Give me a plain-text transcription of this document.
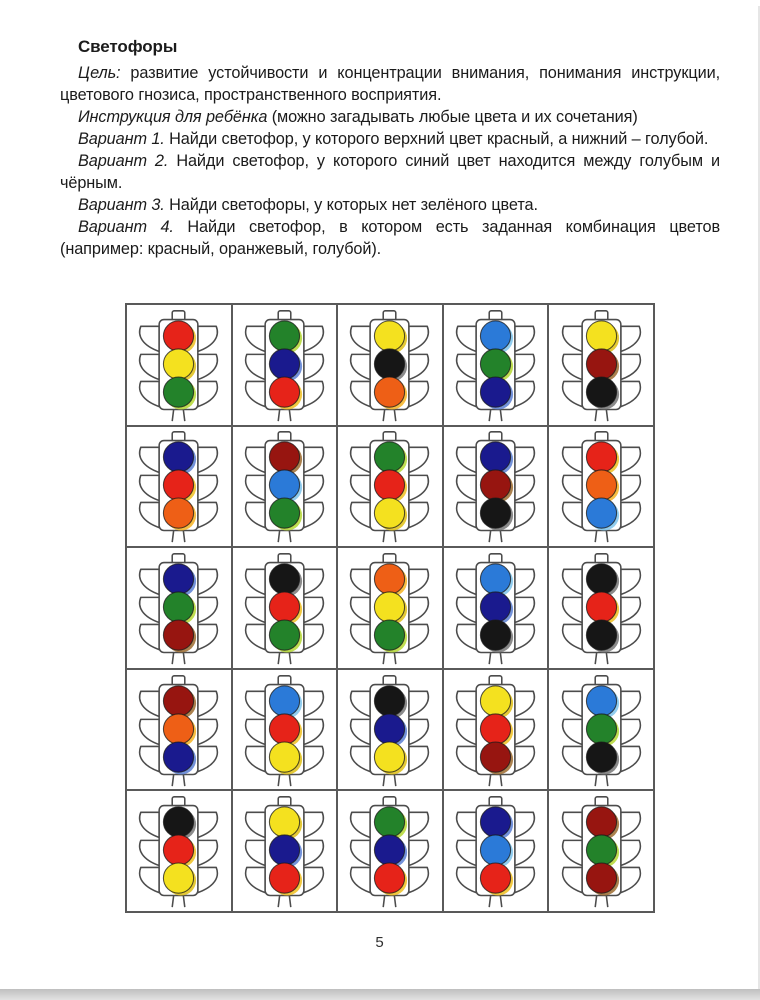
Светофоры

Цель: развитие устойчивости и концентрации внимания, понимания инструкции, цветового гнозиса, пространственного восприятия.

Инструкция для ребёнка (можно загадывать любые цвета и их сочетания)

Вариант 1. Найди светофор, у которого верхний цвет красный, а нижний – голубой.

Вариант 2. Найди светофор, у которого синий цвет находится между голубым и чёрным.

Вариант 3. Найди светофоры, у которых нет зелёного цвета.

Вариант 4. Найди светофор, в котором есть заданная комбинация цветов (например: красный, оранжевый, голубой).

5
